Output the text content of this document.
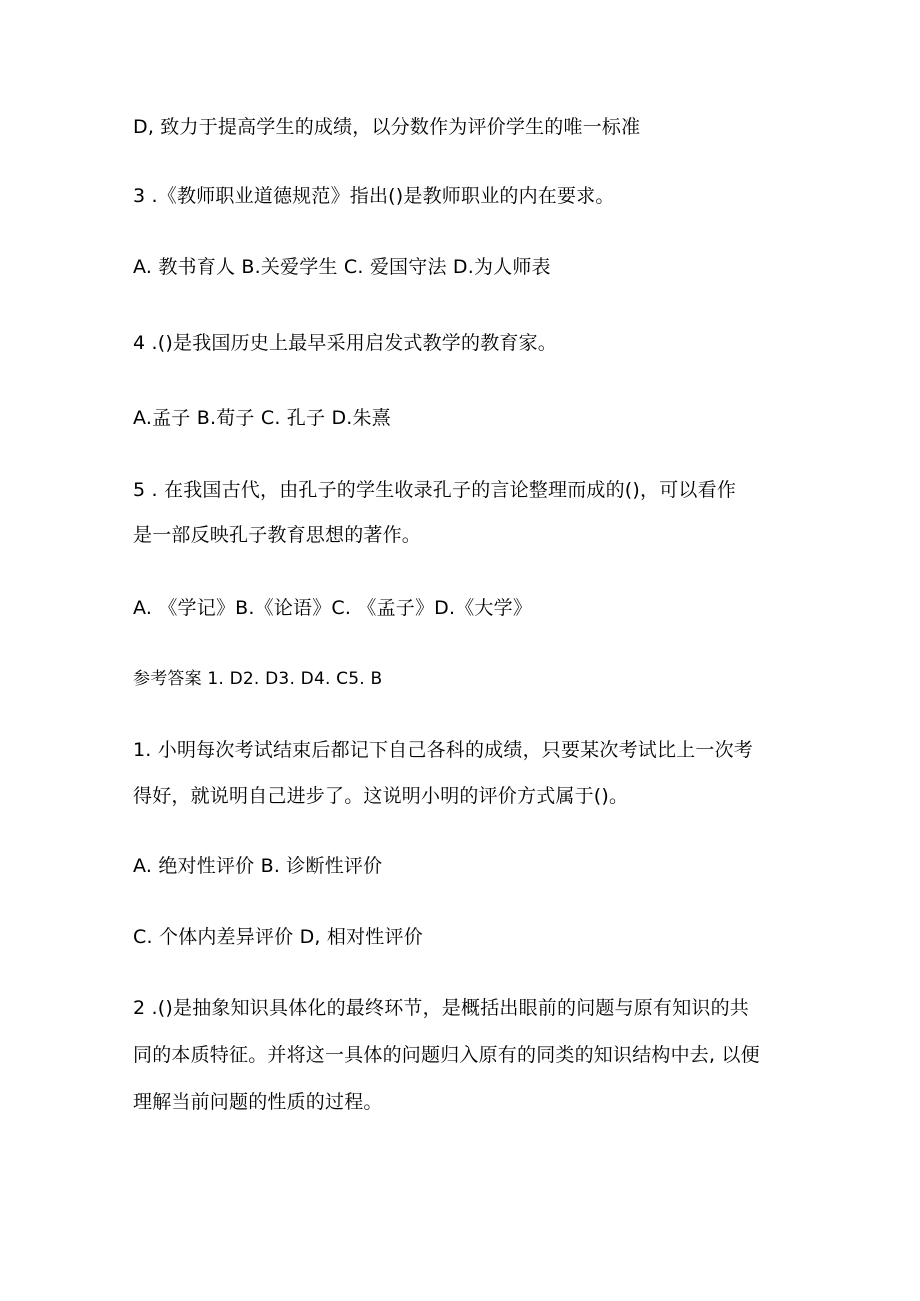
D, 致力于提高学生的成绩，以分数作为评价学生的唯一标准

3 .《教师职业道德规范》指出()是教师职业的内在要求。

A. 教书育人 B.关爱学生 C. 爱国守法 D.为人师表

4 .()是我国历史上最早采用启发式教学的教育家。

A.孟子 B.荀子 C. 孔子 D.朱熹

5 . 在我国古代，由孔子的学生收录孔子的言论整理而成的()，可以看作

是一部反映孔子教育思想的著作。

A. 《学记》B.《论语》C. 《孟子》D.《大学》

参考答案 1. D2. D3. D4. C5. B

1. 小明每次考试结束后都记下自己各科的成绩，只要某次考试比上一次考

得好，就说明自己进步了。这说明小明的评价方式属于()。

A. 绝对性评价 B. 诊断性评价

C. 个体内差异评价 D, 相对性评价

2 .()是抽象知识具体化的最终环节，是概括出眼前的问题与原有知识的共

同的本质特征。并将这一具体的问题归入原有的同类的知识结构中去, 以便

理解当前问题的性质的过程。
